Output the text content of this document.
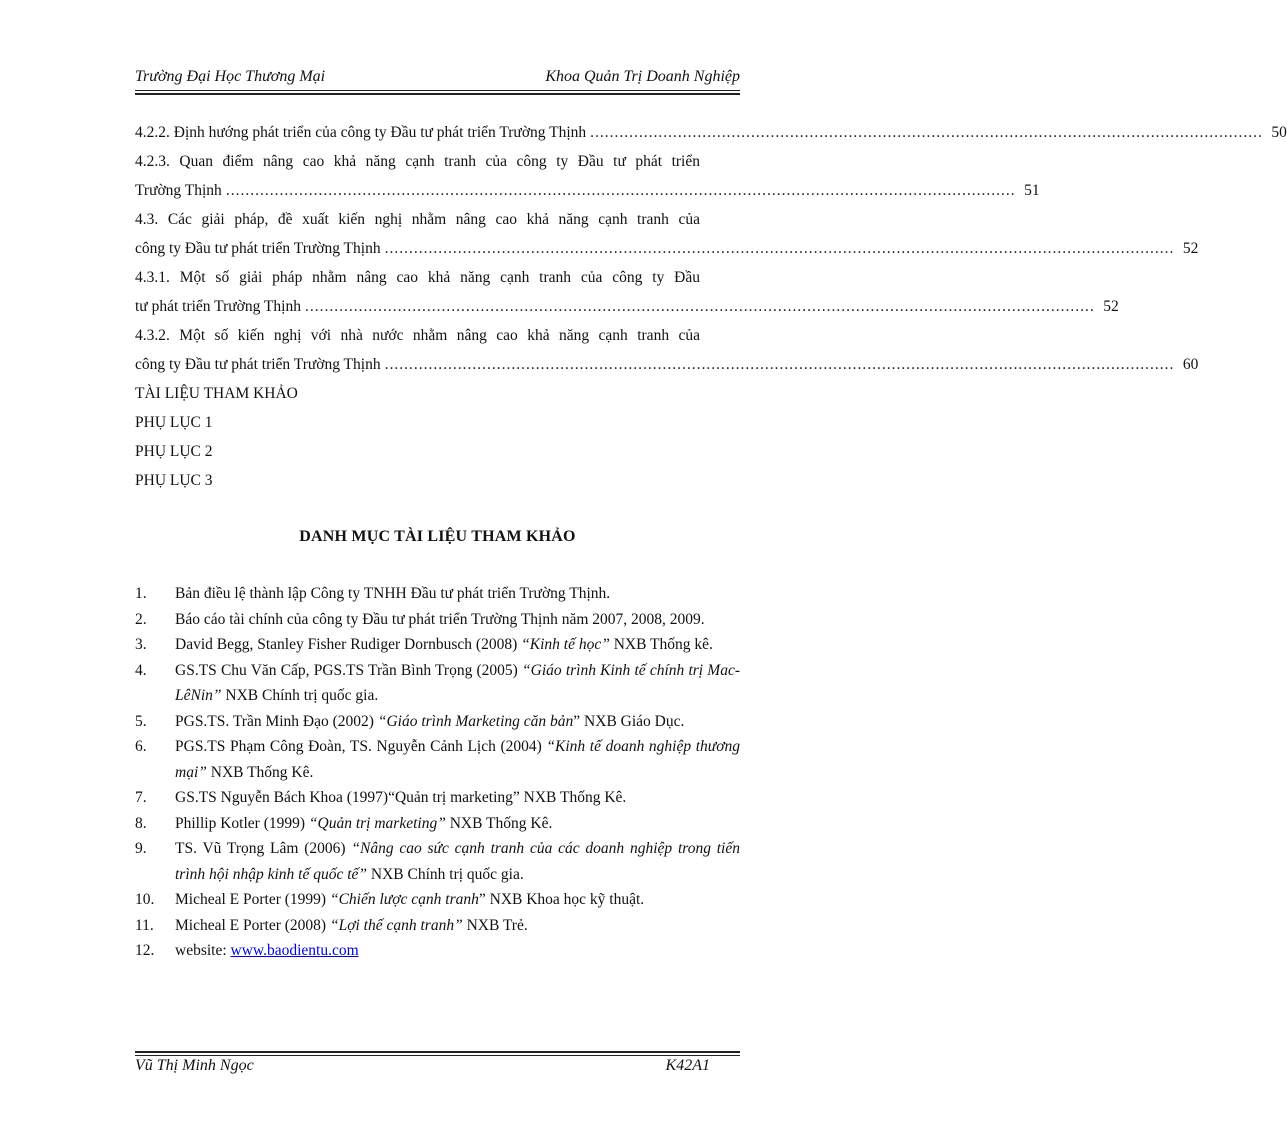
Trường Đại Học Thương Mại	Khoa Quản Trị Doanh Nghiệp
4.2.2. Định hướng phát triển của công ty Đầu tư phát triển Trường Thịnh .......................................................................................................................................... 50
4.2.3. Quan điểm nâng cao khả năng cạnh tranh của công ty Đầu tư phát triển
Trường Thịnh .................................................................................................................................................................. 51
4.3. Các giải pháp, đề xuất kiến nghị nhằm nâng cao khả năng cạnh tranh của
công ty Đầu tư phát triển Trường Thịnh .................................................................................................................................................................. 52
4.3.1. Một số giải pháp nhằm nâng cao khả năng cạnh tranh của công ty Đầu
tư phát triển Trường Thịnh .................................................................................................................................................................. 52
4.3.2. Một số kiến nghị với nhà nước nhằm nâng cao khả năng cạnh tranh của
công ty Đầu tư phát triển Trường Thịnh .................................................................................................................................................................. 60
TÀI LIỆU THAM KHẢO
PHỤ LỤC 1
PHỤ LỤC 2
PHỤ LỤC 3
DANH MỤC TÀI LIỆU THAM KHẢO
1.	Bản điều lệ thành lập Công ty TNHH Đầu tư phát triển Trường Thịnh.
2.	Báo cáo tài chính của công ty Đầu tư phát triển Trường Thịnh năm 2007, 2008, 2009.
3.	David Begg, Stanley Fisher Rudiger Dornbusch (2008) “Kinh tế học” NXB Thống kê.
4.	GS.TS Chu Văn Cấp, PGS.TS Trần Bình Trọng (2005) “Giáo trình Kinh tế chính trị Mac-LêNin” NXB Chính trị quốc gia.
5.	PGS.TS. Trần Minh Đạo (2002) “Giáo trình Marketing căn bản” NXB Giáo Dục.
6.	PGS.TS Phạm Công Đoàn, TS. Nguyễn Cảnh Lịch (2004) “Kinh tế doanh nghiệp thương mại” NXB Thống Kê.
7.	GS.TS Nguyễn Bách Khoa (1997)“Quản trị marketing” NXB Thống Kê.
8.	Phillip Kotler (1999) “Quản trị marketing” NXB Thống Kê.
9.	TS. Vũ Trọng Lâm (2006) “Nâng cao sức cạnh tranh của các doanh nghiệp trong tiến trình hội nhập kinh tế quốc tế” NXB Chính trị quốc gia.
10.	Micheal E Porter (1999) “Chiến lược cạnh tranh” NXB Khoa học kỹ thuật.
11.	Micheal E Porter (2008) “Lợi thế cạnh tranh” NXB Trẻ.
12.	website: www.baodientu.com
Vũ Thị Minh Ngọc	K42A1
